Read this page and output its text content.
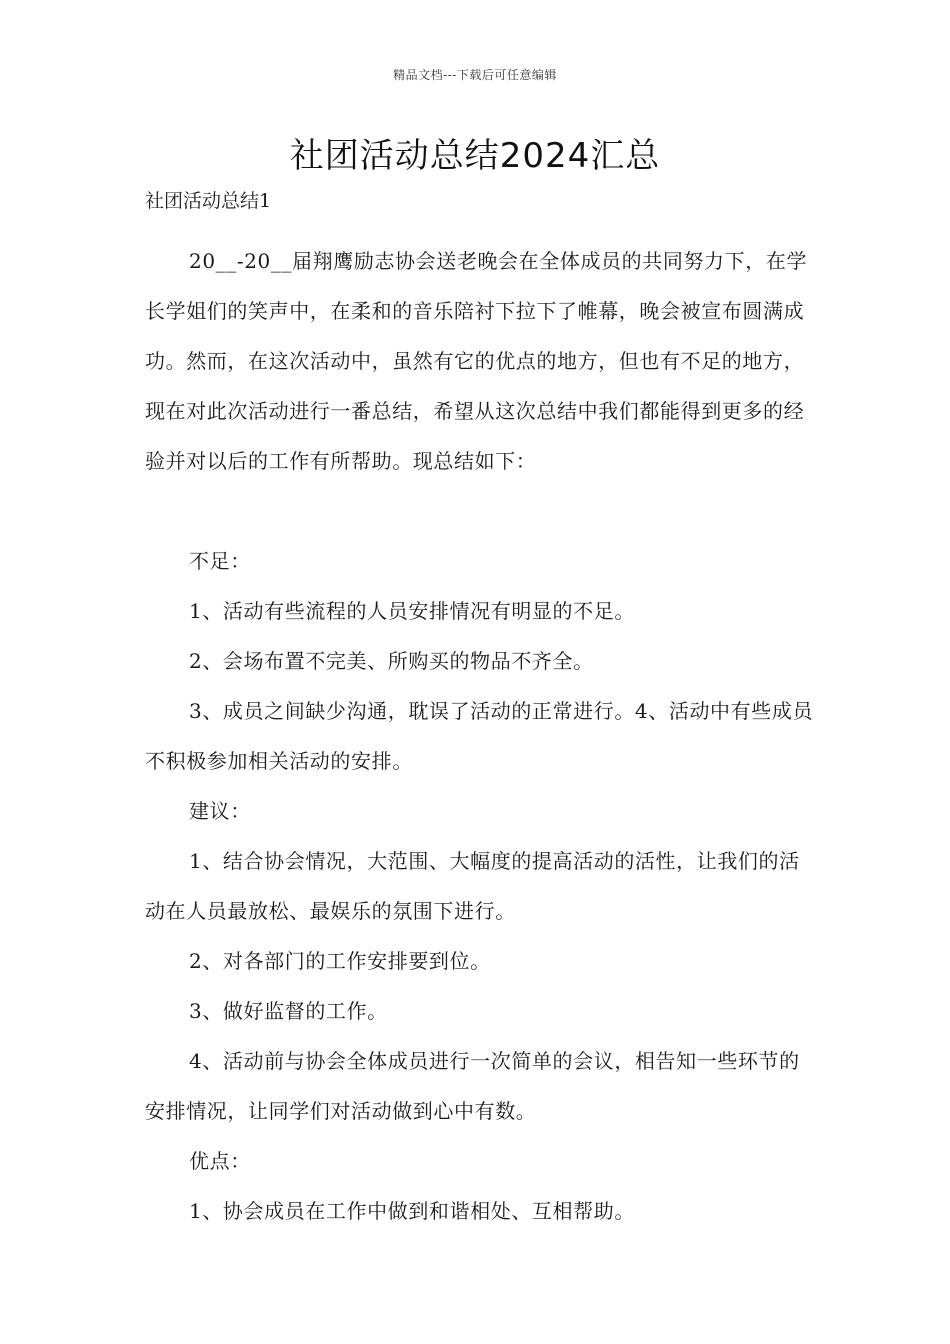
精品文档---下载后可任意编辑
社团活动总结2024汇总

社团活动总结1

20__-20__届翔鹰励志协会送老晚会在全体成员的共同努力下，在学长学姐们的笑声中，在柔和的音乐陪衬下拉下了帷幕，晚会被宣布圆满成功。然而，在这次活动中，虽然有它的优点的地方，但也有不足的地方，现在对此次活动进行一番总结，希望从这次总结中我们都能得到更多的经验并对以后的工作有所帮助。现总结如下：

不足：

1、活动有些流程的人员安排情况有明显的不足。

2、会场布置不完美、所购买的物品不齐全。

3、成员之间缺少沟通，耽误了活动的正常进行。4、活动中有些成员不积极参加相关活动的安排。

建议：

1、结合协会情况，大范围、大幅度的提高活动的活性，让我们的活动在人员最放松、最娱乐的氛围下进行。

2、对各部门的工作安排要到位。

3、做好监督的工作。

4、活动前与协会全体成员进行一次简单的会议，相告知一些环节的安排情况，让同学们对活动做到心中有数。

优点：

1、协会成员在工作中做到和谐相处、互相帮助。
